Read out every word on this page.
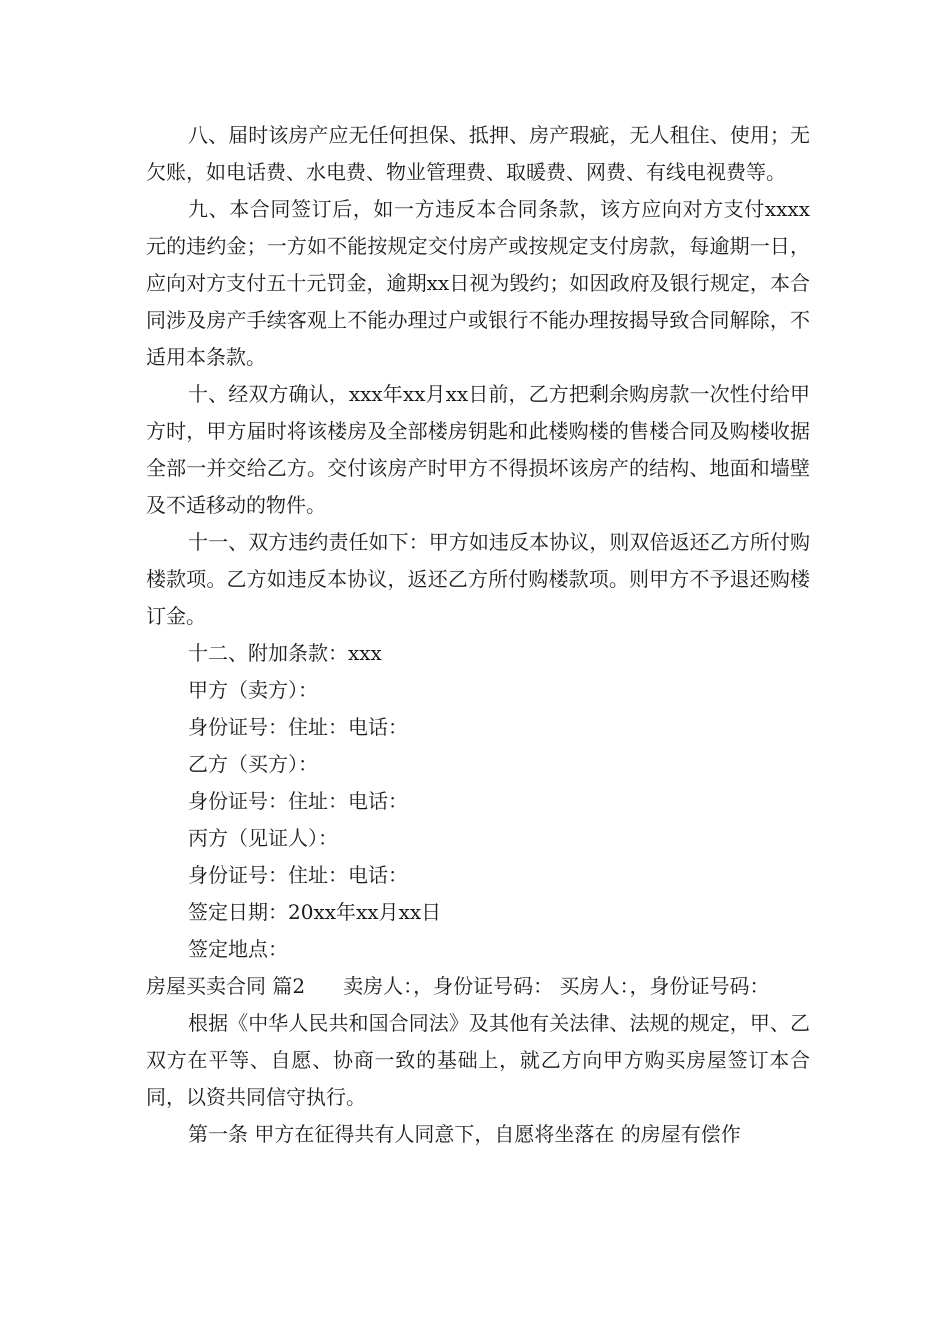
八、届时该房产应无任何担保、抵押、房产瑕疵，无人租住、使用；无欠账，如电话费、水电费、物业管理费、取暖费、网费、有线电视费等。

九、本合同签订后，如一方违反本合同条款，该方应向对方支付xxxx元的违约金；一方如不能按规定交付房产或按规定支付房款，每逾期一日，应向对方支付五十元罚金，逾期xx日视为毁约；如因政府及银行规定，本合同涉及房产手续客观上不能办理过户或银行不能办理按揭导致合同解除，不适用本条款。

十、经双方确认，xxx年xx月xx日前，乙方把剩余购房款一次性付给甲方时，甲方届时将该楼房及全部楼房钥匙和此楼购楼的售楼合同及购楼收据全部一并交给乙方。交付该房产时甲方不得损坏该房产的结构、地面和墙壁及不适移动的物件。

十一、双方违约责任如下：甲方如违反本协议，则双倍返还乙方所付购楼款项。乙方如违反本协议，返还乙方所付购楼款项。则甲方不予退还购楼订金。

十二、附加条款：xxx

甲方（卖方）：

身份证号：住址：电话：

乙方（买方）：

身份证号：住址：电话：

丙方（见证人）：

身份证号：住址：电话：

签定日期：20xx年xx月xx日

签定地点：

房屋买卖合同 篇2 卖房人：，身份证号码： 买房人：，身份证号码：

根据《中华人民共和国合同法》及其他有关法律、法规的规定，甲、乙双方在平等、自愿、协商一致的基础上，就乙方向甲方购买房屋签订本合同，以资共同信守执行。

第一条 甲方在征得共有人同意下，自愿将坐落在 的房屋有偿作
